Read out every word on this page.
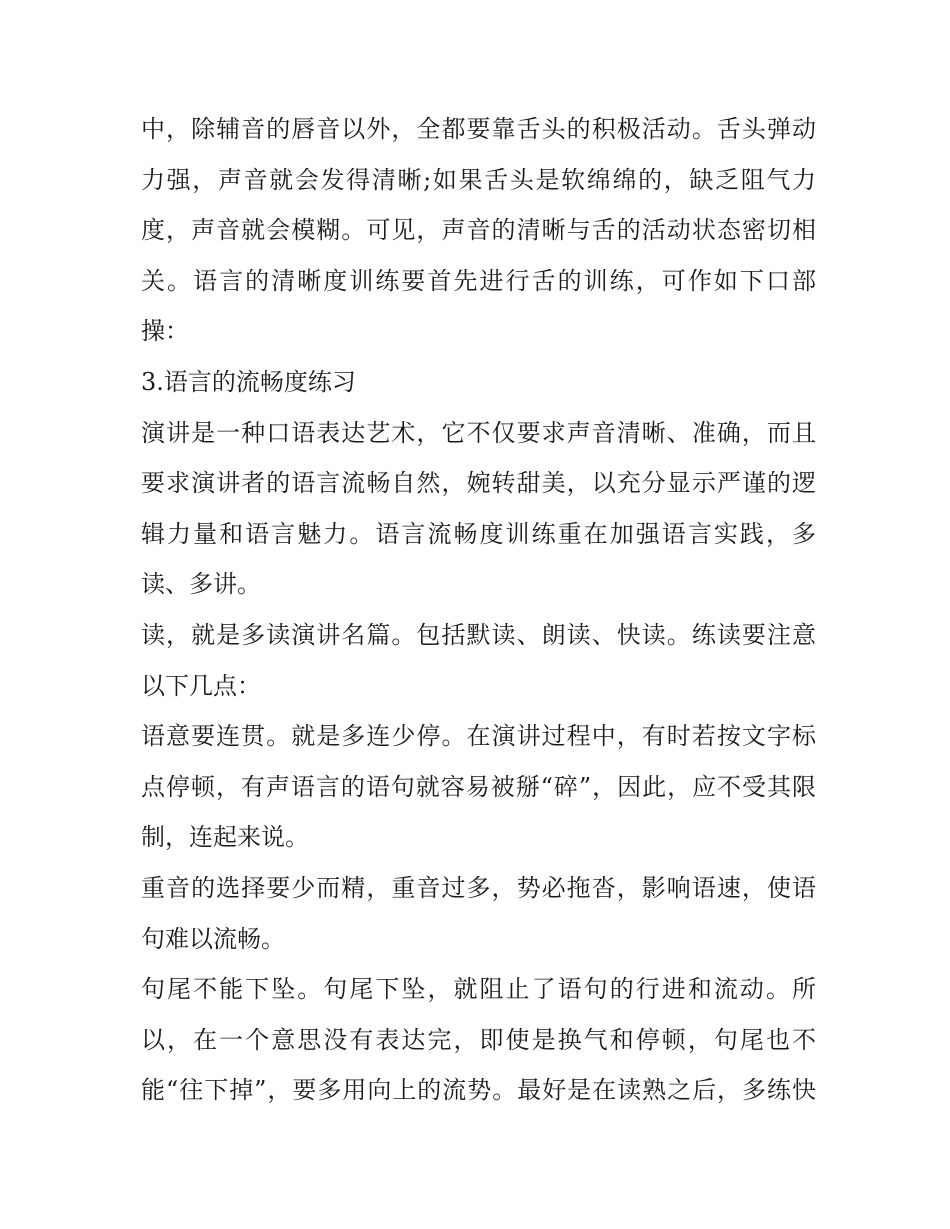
中，除辅音的唇音以外，全都要靠舌头的积极活动。舌头弹动
力强，声音就会发得清晰;如果舌头是软绵绵的，缺乏阻气力
度，声音就会模糊。可见，声音的清晰与舌的活动状态密切相
关。语言的清晰度训练要首先进行舌的训练，可作如下口部
操：
3.语言的流畅度练习
演讲是一种口语表达艺术，它不仅要求声音清晰、准确，而且
要求演讲者的语言流畅自然，婉转甜美，以充分显示严谨的逻
辑力量和语言魅力。语言流畅度训练重在加强语言实践，多
读、多讲。
读，就是多读演讲名篇。包括默读、朗读、快读。练读要注意
以下几点：
语意要连贯。就是多连少停。在演讲过程中，有时若按文字标
点停顿，有声语言的语句就容易被掰“碎”，因此，应不受其限
制，连起来说。
重音的选择要少而精，重音过多，势必拖沓，影响语速，使语
句难以流畅。
句尾不能下坠。句尾下坠，就阻止了语句的行进和流动。所
以，在一个意思没有表达完，即使是换气和停顿，句尾也不
能“往下掉”，要多用向上的流势。最好是在读熟之后，多练快
